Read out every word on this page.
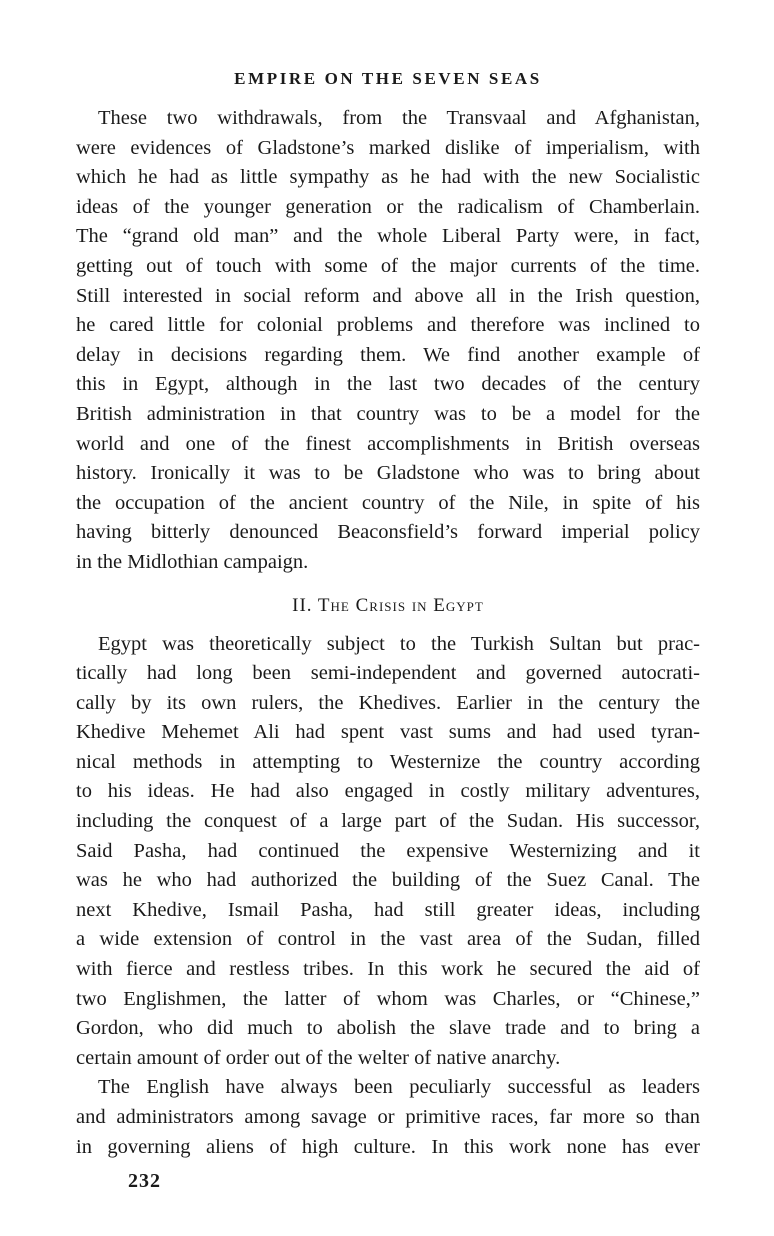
EMPIRE ON THE SEVEN SEAS
These two withdrawals, from the Transvaal and Afghanistan,
were evidences of Gladstone’s marked dislike of imperialism, with
which he had as little sympathy as he had with the new Socialistic
ideas of the younger generation or the radicalism of Chamberlain.
The “grand old man” and the whole Liberal Party were, in fact,
getting out of touch with some of the major currents of the time.
Still interested in social reform and above all in the Irish question,
he cared little for colonial problems and therefore was inclined to
delay in decisions regarding them. We find another example of
this in Egypt, although in the last two decades of the century
British administration in that country was to be a model for the
world and one of the finest accomplishments in British overseas
history. Ironically it was to be Gladstone who was to bring about
the occupation of the ancient country of the Nile, in spite of his
having bitterly denounced Beaconsfield’s forward imperial policy
in the Midlothian campaign.
II. The Crisis in Egypt
Egypt was theoretically subject to the Turkish Sultan but prac-
tically had long been semi-independent and governed autocrati-
cally by its own rulers, the Khedives. Earlier in the century the
Khedive Mehemet Ali had spent vast sums and had used tyran-
nical methods in attempting to Westernize the country according
to his ideas. He had also engaged in costly military adventures,
including the conquest of a large part of the Sudan. His successor,
Said Pasha, had continued the expensive Westernizing and it
was he who had authorized the building of the Suez Canal. The
next Khedive, Ismail Pasha, had still greater ideas, including
a wide extension of control in the vast area of the Sudan, filled
with fierce and restless tribes. In this work he secured the aid of
two Englishmen, the latter of whom was Charles, or “Chinese,”
Gordon, who did much to abolish the slave trade and to bring a
certain amount of order out of the welter of native anarchy.
The English have always been peculiarly successful as leaders
and administrators among savage or primitive races, far more so than
in governing aliens of high culture. In this work none has ever
232
